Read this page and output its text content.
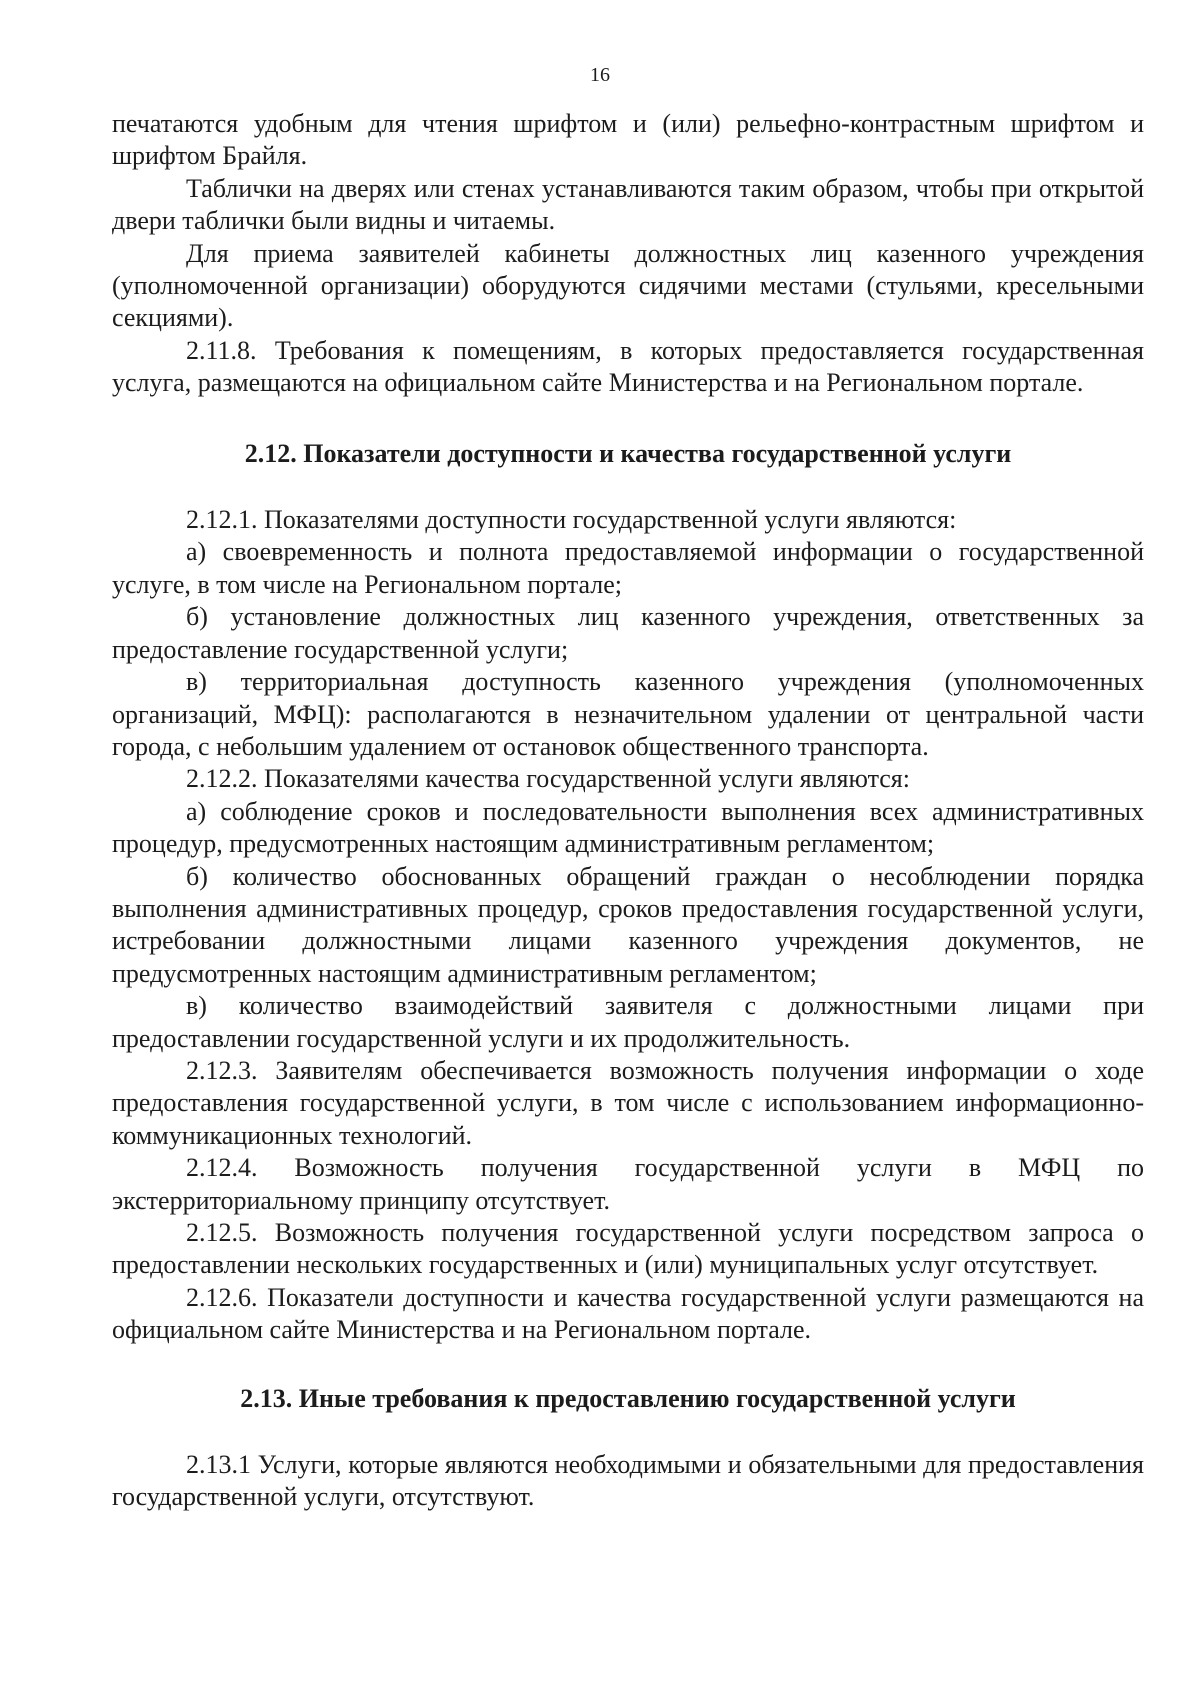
16

печатаются удобным для чтения шрифтом и (или) рельефно-контрастным шрифтом и шрифтом Брайля.

Таблички на дверях или стенах устанавливаются таким образом, чтобы при открытой двери таблички были видны и читаемы.

Для приема заявителей кабинеты должностных лиц казенного учреждения (уполномоченной организации) оборудуются сидячими местами (стульями, кресельными секциями).

2.11.8. Требования к помещениям, в которых предоставляется государственная услуга, размещаются на официальном сайте Министерства и на Региональном портале.

2.12. Показатели доступности и качества государственной услуги

2.12.1. Показателями доступности государственной услуги являются:

а) своевременность и полнота предоставляемой информации о государственной услуге, в том числе на Региональном портале;

б) установление должностных лиц казенного учреждения, ответственных за предоставление государственной услуги;

в) территориальная доступность казенного учреждения (уполномоченных организаций, МФЦ): располагаются в незначительном удалении от центральной части города, с небольшим удалением от остановок общественного транспорта.

2.12.2. Показателями качества государственной услуги являются:

а) соблюдение сроков и последовательности выполнения всех административных процедур, предусмотренных настоящим административным регламентом;

б) количество обоснованных обращений граждан о несоблюдении порядка выполнения административных процедур, сроков предоставления государственной услуги, истребовании должностными лицами казенного учреждения документов, не предусмотренных настоящим административным регламентом;

в) количество взаимодействий заявителя с должностными лицами при предоставлении государственной услуги и их продолжительность.

2.12.3. Заявителям обеспечивается возможность получения информации о ходе предоставления государственной услуги, в том числе с использованием информационно-коммуникационных технологий.

2.12.4. Возможность получения государственной услуги в МФЦ по экстерриториальному принципу отсутствует.

2.12.5. Возможность получения государственной услуги посредством запроса о предоставлении нескольких государственных и (или) муниципальных услуг отсутствует.

2.12.6. Показатели доступности и качества государственной услуги размещаются на официальном сайте Министерства и на Региональном портале.

2.13. Иные требования к предоставлению государственной услуги

2.13.1 Услуги, которые являются необходимыми и обязательными для предоставления государственной услуги, отсутствуют.
